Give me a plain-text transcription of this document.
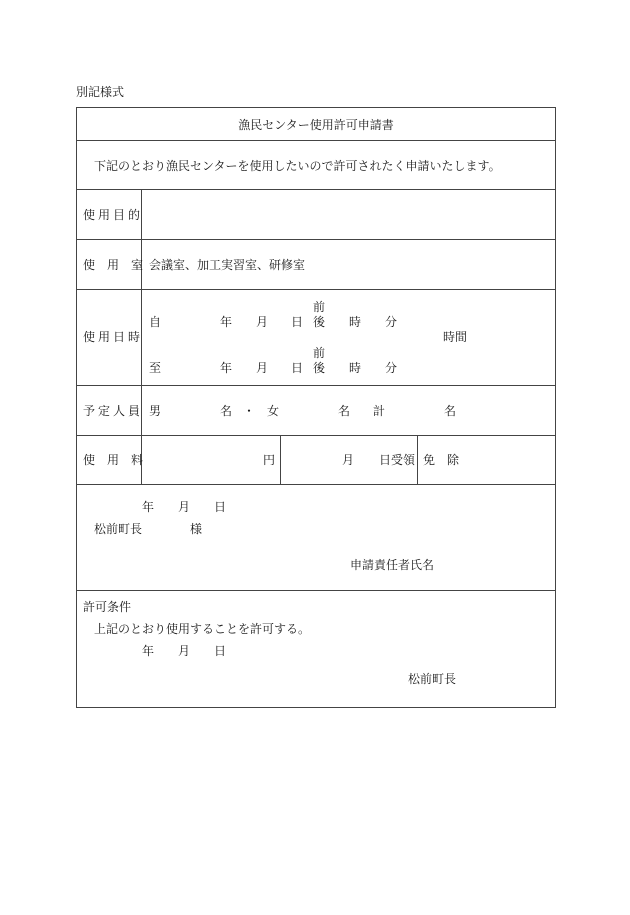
別記様式
漁民センター使用許可申請書
下記のとおり漁民センターを使用したいので許可されたく申請いたします。
使用目的
使　用　室 会議室、加工実習室、研修室
使用日時
前
自	年 月 日 後 時 分
時間
前
至	年 月 日 後 時 分
予定人員 男	名 ・ 女	名 計	名
使　用　料	円	月 日受領 免　除
年 月 日
松前町長	様
申請責任者氏名
許可条件
上記のとおり使用することを許可する。
年 月 日
松前町長
